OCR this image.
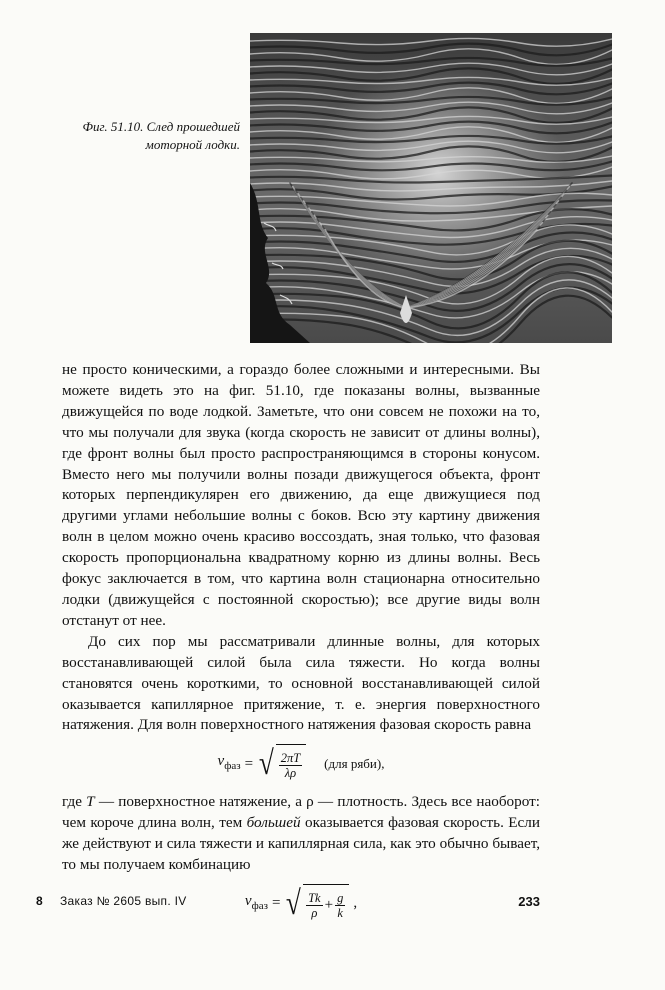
Фиг. 51.10. След прошедшей моторной лодки.

не просто коническими, а гораздо более сложными и интересными. Вы можете видеть это на фиг. 51.10, где показаны волны, вызванные движущейся по воде лодкой. Заметьте, что они совсем не похожи на то, что мы получали для звука (когда скорость не зависит от длины волны), где фронт волны был просто распространяющимся в стороны конусом. Вместо него мы получили волны позади движущегося объекта, фронт которых перпендикулярен его движению, да еще движущиеся под другими углами небольшие волны с боков. Всю эту картину движения волн в целом можно очень красиво воссоздать, зная только, что фазовая скорость пропорциональна квадратному корню из длины волны. Весь фокус заключается в том, что картина волн стационарна относительно лодки (движущейся с постоянной скоростью); все другие виды волн отстанут от нее.

До сих пор мы рассматривали длинные волны, для которых восстанавливающей силой была сила тяжести. Но когда волны становятся очень короткими, то основной восстанавливающей силой оказывается капиллярное притяжение, т. е. энергия поверхностного натяжения. Для волн поверхностного натяжения фазовая скорость равна

$v_{фаз}$ = √ $\frac{2\pi T}{\lambda\rho} (для$ ряби),

где T — поверхностное натяжение, а ρ — плотность. Здесь все наоборот: чем короче длина волн, тем большей оказывается фазовая скорость. Если же действуют и сила тяжести и капиллярная сила, как это обычно бывает, то мы получаем комбинацию

$v_{фаз}$ = √ $\frac{Tk}{\rho} + \frac{g}{k}$ ,
8 Заказ № 2605 вып. IV	233
